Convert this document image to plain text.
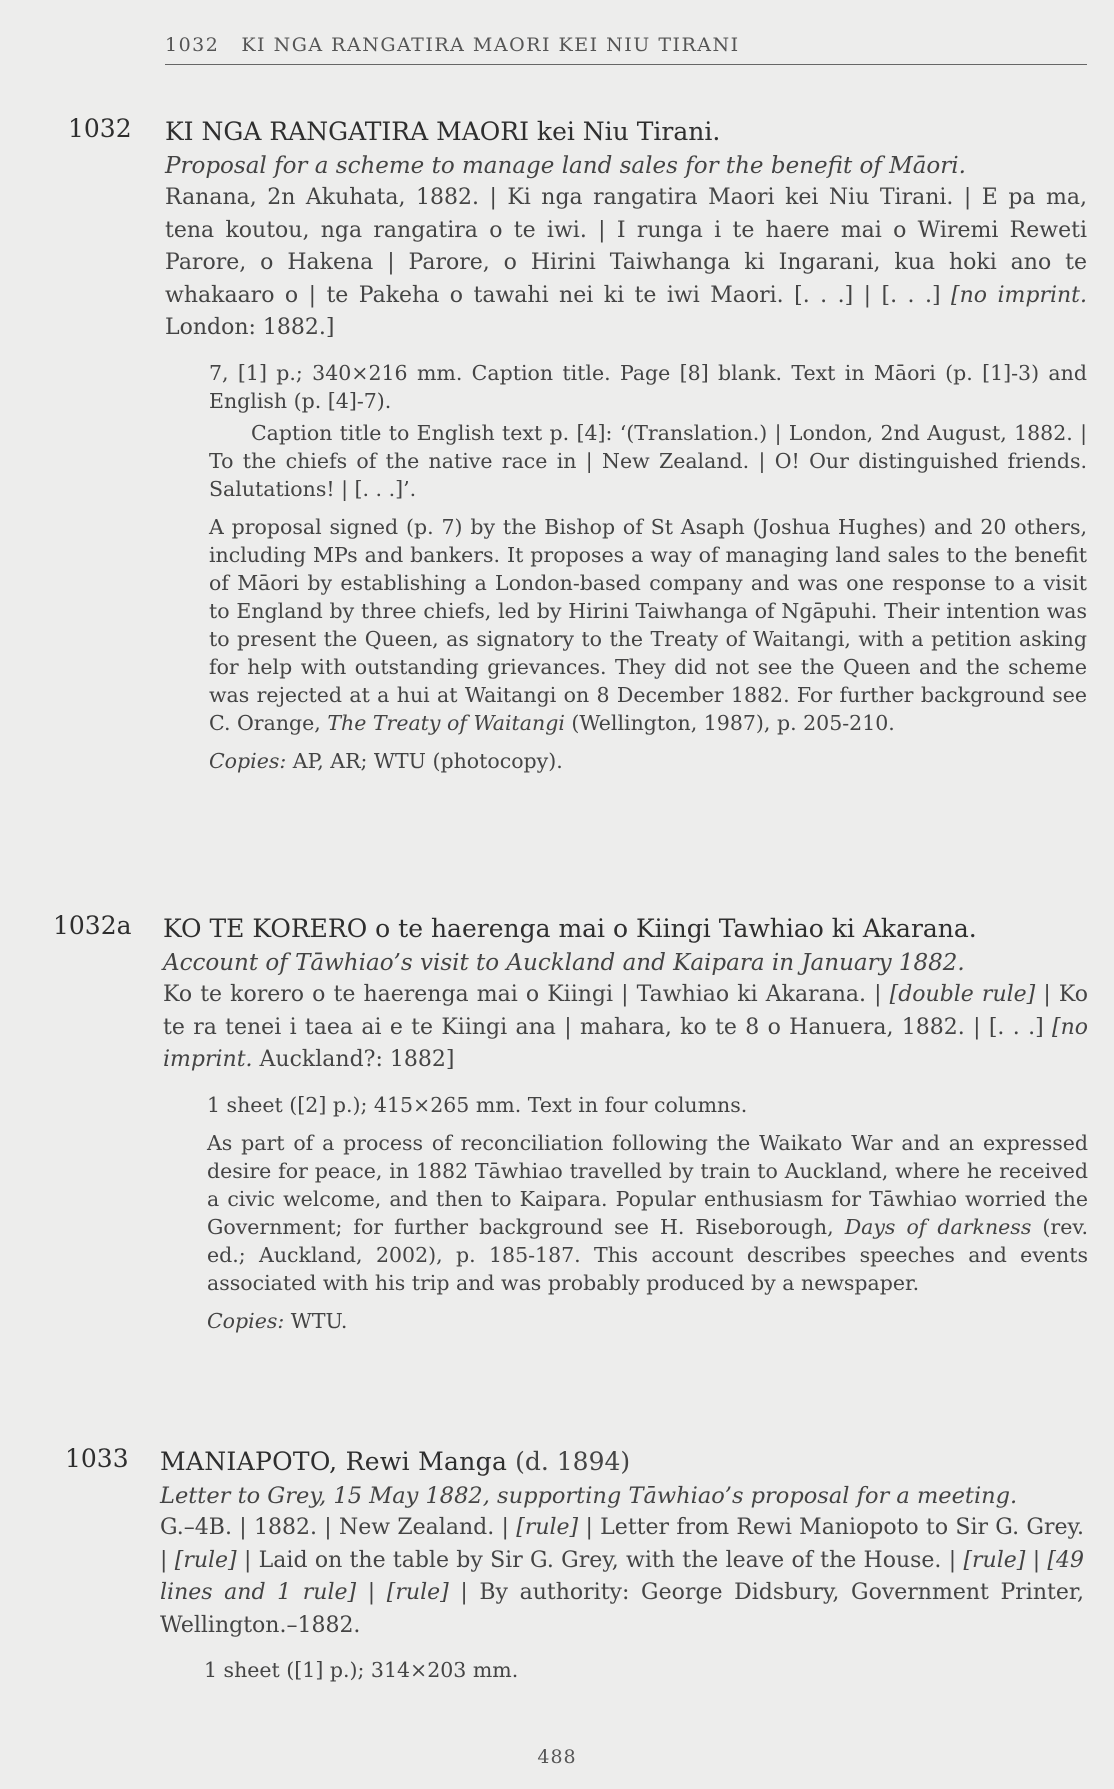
1032 KI NGA RANGATIRA MAORI KEI NIU TIRANI
1032 KI NGA RANGATIRA MAORI kei Niu Tirani.
Proposal for a scheme to manage land sales for the benefit of Māori.
Ranana, 2n Akuhata, 1882. | Ki nga rangatira Maori kei Niu Tirani. | E pa ma, tena koutou, nga rangatira o te iwi. | I runga i te haere mai o Wiremi Reweti Parore, o Hakena | Parore, o Hirini Taiwhanga ki Ingarani, kua hoki ano te whakaaro o | te Pakeha o tawahi nei ki te iwi Maori. [. . .] | [. . .] [no imprint. London: 1882.]
7, [1] p.; 340×216 mm. Caption title. Page [8] blank. Text in Māori (p. [1]-3) and English (p. [4]-7).
Caption title to English text p. [4]: ‘(Translation.) | London, 2nd August, 1882. | To the chiefs of the native race in | New Zealand. | O! Our distinguished friends. Salutations! | [. . .]’.
A proposal signed (p. 7) by the Bishop of St Asaph (Joshua Hughes) and 20 others, including MPs and bankers. It proposes a way of managing land sales to the benefit of Māori by establishing a London-based company and was one response to a visit to England by three chiefs, led by Hirini Taiwhanga of Ngāpuhi. Their intention was to present the Queen, as signatory to the Treaty of Waitangi, with a petition asking for help with outstanding grievances. They did not see the Queen and the scheme was rejected at a hui at Waitangi on 8 December 1882. For further background see C. Orange, The Treaty of Waitangi (Wellington, 1987), p. 205-210.
Copies: AP, AR; WTU (photocopy).
1032a KO TE KORERO o te haerenga mai o Kiingi Tawhiao ki Akarana.
Account of Tāwhiao’s visit to Auckland and Kaipara in January 1882.
Ko te korero o te haerenga mai o Kiingi | Tawhiao ki Akarana. | [double rule] | Ko te ra tenei i taea ai e te Kiingi ana | mahara, ko te 8 o Hanuera, 1882. | [. . .] [no imprint. Auckland?: 1882]
1 sheet ([2] p.); 415×265 mm. Text in four columns.
As part of a process of reconciliation following the Waikato War and an expressed desire for peace, in 1882 Tāwhiao travelled by train to Auckland, where he received a civic welcome, and then to Kaipara. Popular enthusiasm for Tāwhiao worried the Government; for further background see H. Riseborough, Days of darkness (rev. ed.; Auckland, 2002), p. 185-187. This account describes speeches and events associated with his trip and was probably produced by a newspaper.
Copies: WTU.
1033 MANIAPOTO, Rewi Manga (d. 1894)
Letter to Grey, 15 May 1882, supporting Tāwhiao’s proposal for a meeting.
G.–4B. | 1882. | New Zealand. | [rule] | Letter from Rewi Maniopoto to Sir G. Grey. | [rule] | Laid on the table by Sir G. Grey, with the leave of the House. | [rule] | [49 lines and 1 rule] | [rule] | By authority: George Didsbury, Government Printer, Wellington.–1882.
1 sheet ([1] p.); 314×203 mm.
488
